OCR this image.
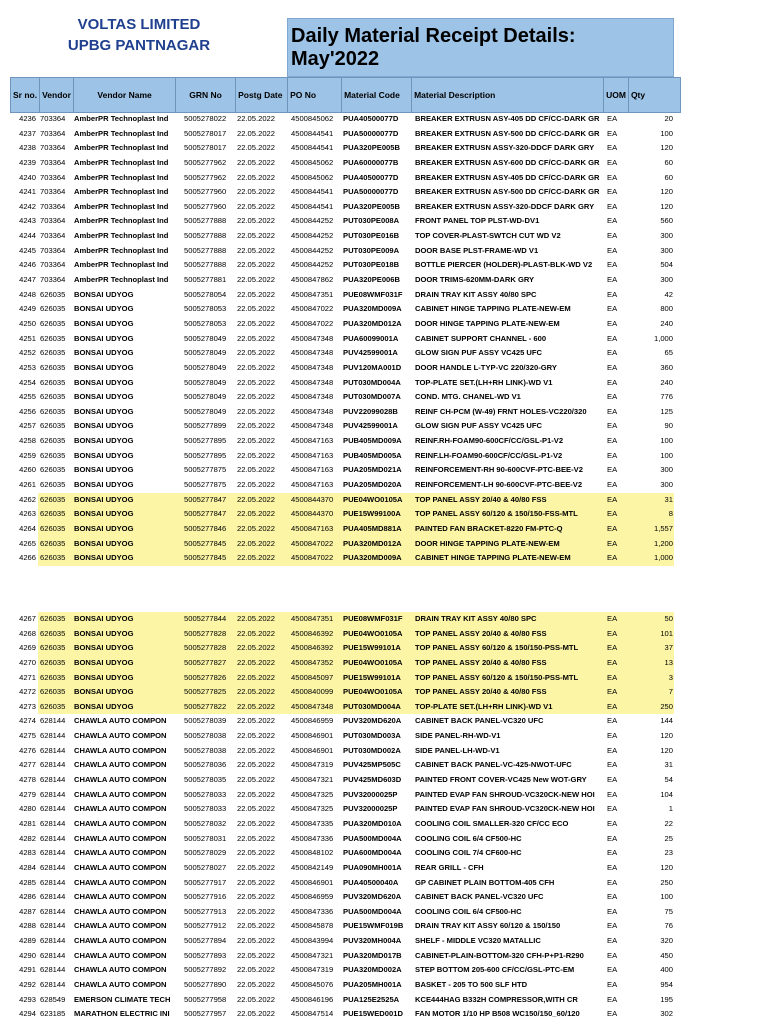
VOLTAS LIMITED
UPBG PANTNAGAR	Daily Material Receipt Details:
May'2022
Sr no.	Vendor	Vendor Name	GRN No	Postg Date	PO No	Material Code	Material Description	UOM	Qty
4236 703364	AmberPR Technoplast Ind	5005278022	22.05.2022	4500845062	PUA40500077D	BREAKER EXTRUSN ASY-405 DD CF/CC-DARK GR EA	20
4237 703364	AmberPR Technoplast Ind	5005278017	22.05.2022	4500844541	PUA50000077D	BREAKER EXTRUSN ASY-500 DD CF/CC-DARK GR EA	100
4238 703364	AmberPR Technoplast Ind	5005278017	22.05.2022	4500844541	PUA320PE005B	BREAKER EXTRUSN ASSY-320-DDCF DARK GRY	EA	120
4239 703364	AmberPR Technoplast Ind	5005277962	22.05.2022	4500845062	PUA60000077B	BREAKER EXTRUSN ASY-600 DD CF/CC-DARK GR EA	60
4240 703364	AmberPR Technoplast Ind	5005277962	22.05.2022	4500845062	PUA40500077D	BREAKER EXTRUSN ASY-405 DD CF/CC-DARK GR EA	60
4241 703364	AmberPR Technoplast Ind	5005277960	22.05.2022	4500844541	PUA50000077D	BREAKER EXTRUSN ASY-500 DD CF/CC-DARK GR EA	120
4242 703364	AmberPR Technoplast Ind	5005277960	22.05.2022	4500844541	PUA320PE005B	BREAKER EXTRUSN ASSY-320-DDCF DARK GRY	EA	120
4243 703364	AmberPR Technoplast Ind	5005277888	22.05.2022	4500844252	PUT030PE008A	FRONT PANEL TOP PLST-WD-DV1	EA	560
4244 703364	AmberPR Technoplast Ind	5005277888	22.05.2022	4500844252	PUT030PE016B	TOP COVER-PLAST-SWTCH CUT WD V2	EA	300
4245 703364	AmberPR Technoplast Ind	5005277888	22.05.2022	4500844252	PUT030PE009A	DOOR BASE PLST-FRAME-WD V1	EA	300
4246 703364	AmberPR Technoplast Ind	5005277888	22.05.2022	4500844252	PUT030PE018B	BOTTLE PIERCER (HOLDER)-PLAST-BLK-WD V2	EA	504
4247 703364	AmberPR Technoplast Ind	5005277881	22.05.2022	4500847862	PUA320PE006B	DOOR TRIMS-620MM-DARK GRY	EA	300
4248 626035	BONSAI UDYOG	5005278054	22.05.2022	4500847351	PUE08WMF031F	DRAIN TRAY KIT ASSY 40/80 SPC	EA	42
4249 626035	BONSAI UDYOG	5005278053	22.05.2022	4500847022	PUA320MD009A	CABINET HINGE TAPPING PLATE-NEW-EM	EA	800
4250 626035	BONSAI UDYOG	5005278053	22.05.2022	4500847022	PUA320MD012A	DOOR HINGE TAPPING PLATE-NEW-EM	EA	240
4251 626035	BONSAI UDYOG	5005278049	22.05.2022	4500847348	PUA60099001A	CABINET SUPPORT CHANNEL - 600	EA	1,000
4252 626035	BONSAI UDYOG	5005278049	22.05.2022	4500847348	PUV42599001A	GLOW SIGN PUF ASSY VC425 UFC	EA	65
4253 626035	BONSAI UDYOG	5005278049	22.05.2022	4500847348	PUV120MA001D	DOOR HANDLE L-TYP-VC 220/320-GRY	EA	360
4254 626035	BONSAI UDYOG	5005278049	22.05.2022	4500847348	PUT030MD004A	TOP-PLATE SET.(LH+RH LINK)-WD V1	EA	240
4255 626035	BONSAI UDYOG	5005278049	22.05.2022	4500847348	PUT030MD007A	COND. MTG. CHANEL-WD V1	EA	776
4256 626035	BONSAI UDYOG	5005278049	22.05.2022	4500847348	PUV22099028B	REINF CH-PCM (W-49) FRNT HOLES-VC220/320	EA	125
4257 626035	BONSAI UDYOG	5005277899	22.05.2022	4500847348	PUV42599001A	GLOW SIGN PUF ASSY VC425 UFC	EA	90
4258 626035	BONSAI UDYOG	5005277895	22.05.2022	4500847163	PUB405MD009A	REINF.RH-FOAM90-600CF/CC/GSL-P1-V2	EA	100
4259 626035	BONSAI UDYOG	5005277895	22.05.2022	4500847163	PUB405MD005A	REINF.LH-FOAM90-600CF/CC/GSL-P1-V2	EA	100
4260 626035	BONSAI UDYOG	5005277875	22.05.2022	4500847163	PUA205MD021A	REINFORCEMENT-RH 90-600CVF-PTC-BEE-V2	EA	300
4261 626035	BONSAI UDYOG	5005277875	22.05.2022	4500847163	PUA205MD020A	REINFORCEMENT-LH 90-600CVF-PTC-BEE-V2	EA	300
4262 626035	BONSAI UDYOG	5005277847	22.05.2022	4500844370	PUE04WO0105A	TOP PANEL ASSY 20/40 & 40/80 FSS	EA	31
4263 626035	BONSAI UDYOG	5005277847	22.05.2022	4500844370	PUE15W99100A	TOP PANEL ASSY 60/120 & 150/150-FSS-MTL	EA	8
4264 626035	BONSAI UDYOG	5005277846	22.05.2022	4500847163	PUA405MD881A	PAINTED FAN BRACKET-8220 FM-PTC-Q	EA	1,557
4265 626035	BONSAI UDYOG	5005277845	22.05.2022	4500847022	PUA320MD012A	DOOR HINGE TAPPING PLATE-NEW-EM	EA	1,200
4266 626035	BONSAI UDYOG	5005277845	22.05.2022	4500847022	PUA320MD009A	CABINET HINGE TAPPING PLATE-NEW-EM	EA	1,000
4267 626035	BONSAI UDYOG	5005277844	22.05.2022	4500847351	PUE08WMF031F	DRAIN TRAY KIT ASSY 40/80 SPC	EA	50
4268 626035	BONSAI UDYOG	5005277828	22.05.2022	4500846392	PUE04WO0105A	TOP PANEL ASSY 20/40 & 40/80 FSS	EA	101
4269 626035	BONSAI UDYOG	5005277828	22.05.2022	4500846392	PUE15W99101A	TOP PANEL ASSY 60/120 & 150/150-PSS-MTL	EA	37
4270 626035	BONSAI UDYOG	5005277827	22.05.2022	4500847352	PUE04WO0105A	TOP PANEL ASSY 20/40 & 40/80 FSS	EA	13
4271 626035	BONSAI UDYOG	5005277826	22.05.2022	4500845097	PUE15W99101A	TOP PANEL ASSY 60/120 & 150/150-PSS-MTL	EA	3
4272 626035	BONSAI UDYOG	5005277825	22.05.2022	4500840099	PUE04WO0105A	TOP PANEL ASSY 20/40 & 40/80 FSS	EA	7
4273 626035	BONSAI UDYOG	5005277822	22.05.2022	4500847348	PUT030MD004A	TOP-PLATE SET.(LH+RH LINK)-WD V1	EA	250
4274 628144	CHAWLA AUTO COMPON	5005278039	22.05.2022	4500846959	PUV320MD620A	CABINET BACK PANEL-VC320 UFC	EA	144
4275 628144	CHAWLA AUTO COMPON	5005278038	22.05.2022	4500846901	PUT030MD003A	SIDE PANEL-RH-WD-V1	EA	120
4276 628144	CHAWLA AUTO COMPON	5005278038	22.05.2022	4500846901	PUT030MD002A	SIDE PANEL-LH-WD-V1	EA	120
4277 628144	CHAWLA AUTO COMPON	5005278036	22.05.2022	4500847319	PUV425MP505C	CABINET BACK PANEL-VC-425-NWOT-UFC	EA	31
4278 628144	CHAWLA AUTO COMPON	5005278035	22.05.2022	4500847321	PUV425MD603D	PAINTED FRONT COVER-VC425 New WOT-GRY	EA	54
4279 628144	CHAWLA AUTO COMPON	5005278033	22.05.2022	4500847325	PUV32000025P	PAINTED EVAP FAN SHROUD-VC320CK-NEW HOI	EA	104
4280 628144	CHAWLA AUTO COMPON	5005278033	22.05.2022	4500847325	PUV32000025P	PAINTED EVAP FAN SHROUD-VC320CK-NEW HOI	EA	1
4281 628144	CHAWLA AUTO COMPON	5005278032	22.05.2022	4500847335	PUA320MD010A	COOLING COIL SMALLER-320 CF/CC ECO	EA	22
4282 628144	CHAWLA AUTO COMPON	5005278031	22.05.2022	4500847336	PUA500MD004A	COOLING COIL 6/4 CF500-HC	EA	25
4283 628144	CHAWLA AUTO COMPON	5005278029	22.05.2022	4500848102	PUA600MD004A	COOLING COIL 7/4 CF600-HC	EA	23
4284 628144	CHAWLA AUTO COMPON	5005278027	22.05.2022	4500842149	PUA090MH001A	REAR GRILL - CFH	EA	120
4285 628144	CHAWLA AUTO COMPON	5005277917	22.05.2022	4500846901	PUA40500040A	GP CABINET PLAIN BOTTOM-405 CFH	EA	250
4286 628144	CHAWLA AUTO COMPON	5005277916	22.05.2022	4500846959	PUV320MD620A	CABINET BACK PANEL-VC320 UFC	EA	100
4287 628144	CHAWLA AUTO COMPON	5005277913	22.05.2022	4500847336	PUA500MD004A	COOLING COIL 6/4 CF500-HC	EA	75
4288 628144	CHAWLA AUTO COMPON	5005277912	22.05.2022	4500845878	PUE15WMF019B	DRAIN TRAY KIT ASSY 60/120 & 150/150	EA	76
4289 628144	CHAWLA AUTO COMPON	5005277894	22.05.2022	4500843994	PUV320MH004A	SHELF - MIDDLE VC320 MATALLIC	EA	320
4290 628144	CHAWLA AUTO COMPON	5005277893	22.05.2022	4500847321	PUA320MD017B	CABINET-PLAIN-BOTTOM-320 CFH-P+P1-R290	EA	450
4291 628144	CHAWLA AUTO COMPON	5005277892	22.05.2022	4500847319	PUA320MD002A	STEP BOTTOM 205-600 CF/CC/GSL-PTC-EM	EA	400
4292 628144	CHAWLA AUTO COMPON	5005277890	22.05.2022	4500845076	PUA205MH001A	BASKET - 205 TO 500 SLF HTD	EA	954
4293 628549	EMERSON CLIMATE TECH	5005277958	22.05.2022	4500846196	PUA125E2525A	KCE444HAG B332H COMPRESSOR,WITH CR	EA	195
4294 623185	MARATHON ELECTRIC INI	5005277957	22.05.2022	4500847514	PUE15WED001D	FAN MOTOR 1/10 HP B508 WC150/150_60/120	EA	302
